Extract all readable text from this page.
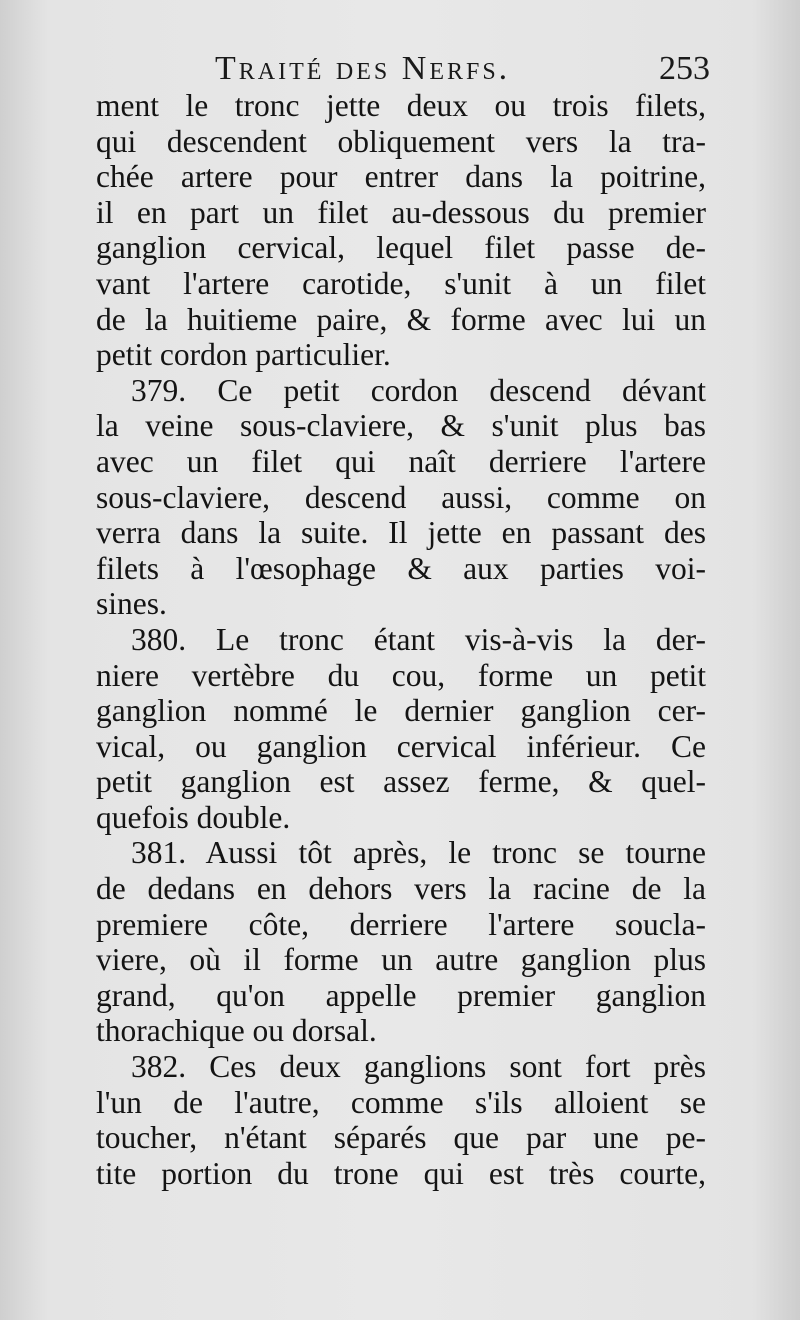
Traité des Nerfs.	253
ment le tronc jette deux ou trois filets,
qui descendent obliquement vers la tra-
chée artere pour entrer dans la poitrine,
il en part un filet au-dessous du premier
ganglion cervical, lequel filet passe de-
vant l'artere carotide, s'unit à un filet
de la huitieme paire, & forme avec lui un
petit cordon particulier.
379. Ce petit cordon descend dévant
la veine sous-claviere, & s'unit plus bas
avec un filet qui naît derriere l'artere
sous-claviere, descend aussi, comme on
verra dans la suite. Il jette en passant des
filets à l'œsophage & aux parties voi-
sines.
380. Le tronc étant vis-à-vis la der-
niere vertèbre du cou, forme un petit
ganglion nommé le dernier ganglion cer-
vical, ou ganglion cervical inférieur. Ce
petit ganglion est assez ferme, & quel-
quefois double.
381. Aussi tôt après, le tronc se tourne
de dedans en dehors vers la racine de la
premiere côte, derriere l'artere soucla-
viere, où il forme un autre ganglion plus
grand, qu'on appelle premier ganglion
thorachique ou dorsal.
382. Ces deux ganglions sont fort près
l'un de l'autre, comme s'ils alloient se
toucher, n'étant séparés que par une pe-
tite portion du trone qui est très courte,
